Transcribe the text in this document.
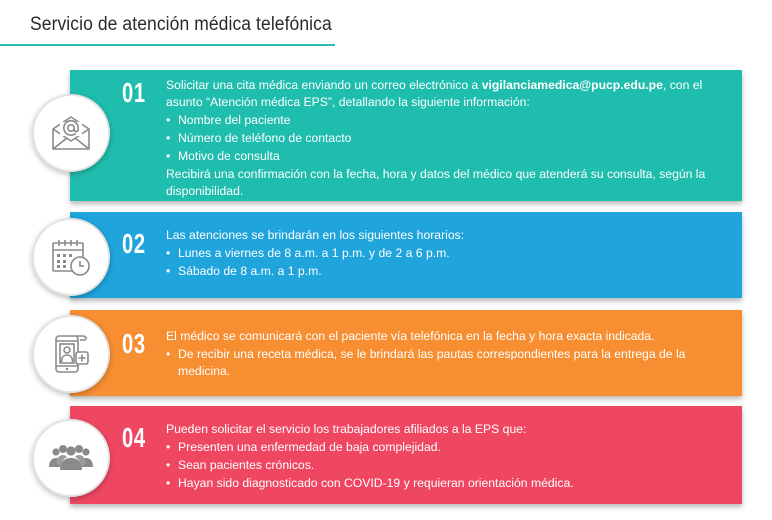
Servicio de atención médica telefónica
01 Solicitar una cita médica enviando un correo electrónico a vigilanciamedica@pucp.edu.pe, con el asunto “Atención médica EPS”, detallando la siguiente información:

• Nombre del paciente
• Número de teléfono de contacto
• Motivo de consulta

Recibirá una confirmación con la fecha, hora y datos del médico que atenderá su consulta, según la disponibilidad.

02 Las atenciones se brindarán en los siguientes horarios:

• Lunes a viernes de 8 a.m. a 1 p.m. y de 2 a 6 p.m.
• Sábado de 8 a.m. a 1 p.m.
03 El médico se comunicará con el paciente vía telefónica en la fecha y hora exacta indicada.

• De recibir una receta médica, se le brindará las pautas correspondientes para la entrega de la medicina.
04 Pueden solicitar el servicio los trabajadores afiliados a la EPS que:

• Presenten una enfermedad de baja complejidad.
• Sean pacientes crónicos.
• Hayan sido diagnosticado con COVID-19 y requieran orientación médica.
